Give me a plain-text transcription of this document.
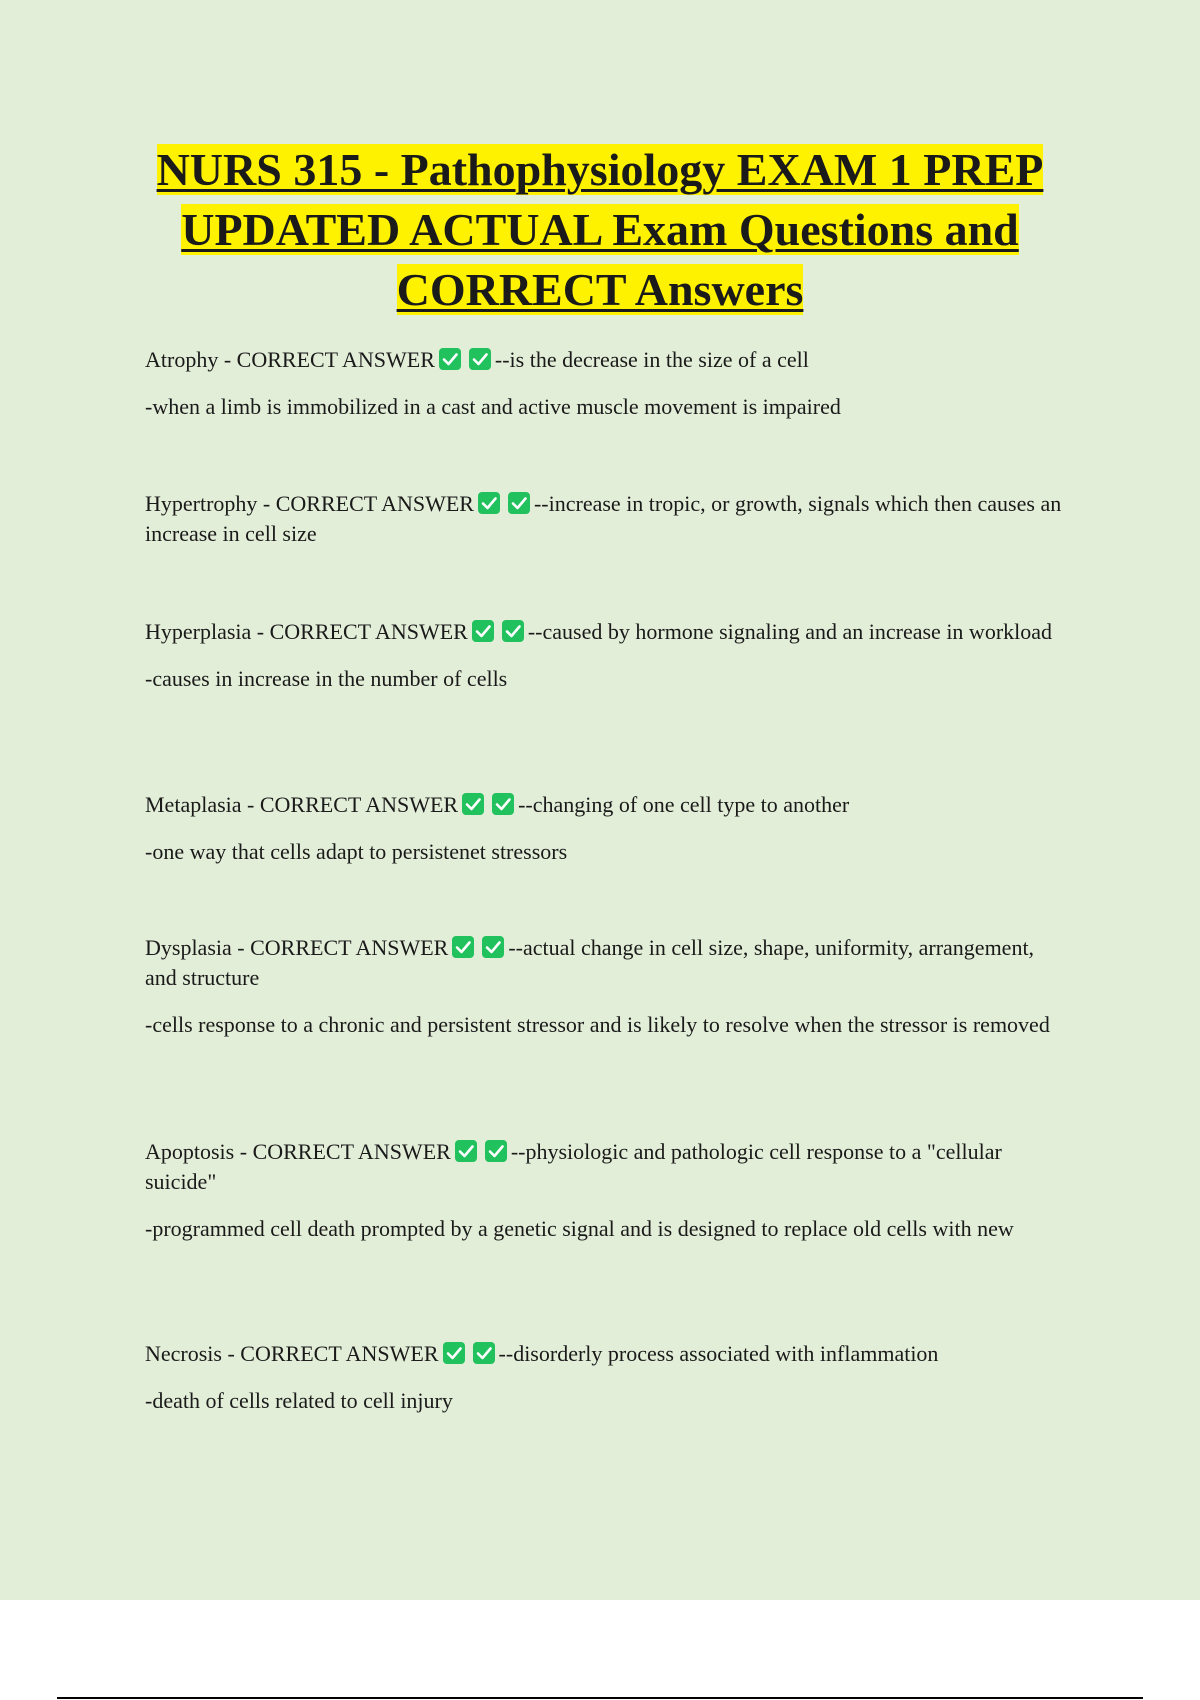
NURS 315 - Pathophysiology EXAM 1 PREP
UPDATED ACTUAL Exam Questions and
CORRECT Answers

Atrophy - CORRECT ANSWER	--is the decrease in the size of a cell

-when a limb is immobilized in a cast and active muscle movement is impaired

Hypertrophy - CORRECT ANSWER	--increase in tropic, or growth, signals which then causes an increase in cell size

Hyperplasia - CORRECT ANSWER	--caused by hormone signaling and an increase in workload

-causes in increase in the number of cells

Metaplasia - CORRECT ANSWER	--changing of one cell type to another

-one way that cells adapt to persistenet stressors

Dysplasia - CORRECT ANSWER	--actual change in cell size, shape, uniformity, arrangement, and structure

-cells response to a chronic and persistent stressor and is likely to resolve when the stressor is removed

Apoptosis - CORRECT ANSWER	--physiologic and pathologic cell response to a "cellular suicide"

-programmed cell death prompted by a genetic signal and is designed to replace old cells with new

Necrosis - CORRECT ANSWER	--disorderly process associated with inflammation

-death of cells related to cell injury
